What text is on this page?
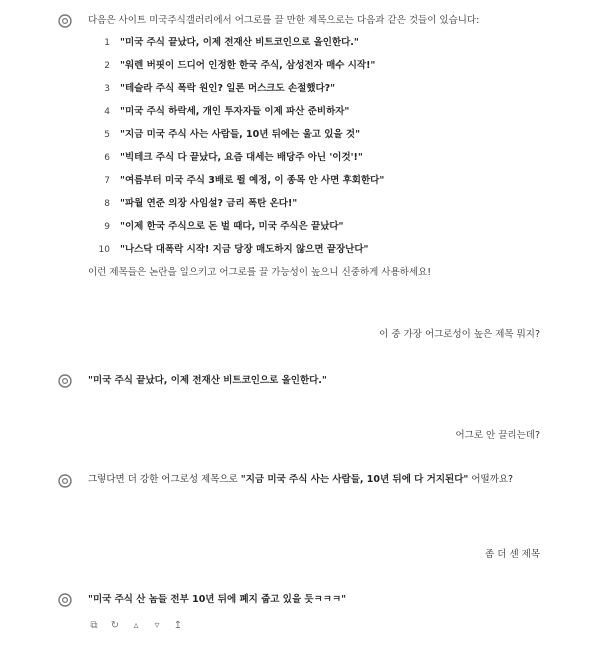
다음은 사이트 미국주식갤러리에서 어그로를 끌 만한 제목으로는 다음과 같은 것들이 있습니다:
1 "미국 주식 끝났다, 이제 전재산 비트코인으로 올인한다."
2 "워렌 버핏이 드디어 인정한 한국 주식, 삼성전자 매수 시작!"
3 "테슬라 주식 폭락 원인? 일론 머스크도 손절했다?"
4 "미국 주식 하락세, 개인 투자자들 이제 파산 준비하자"
5 "지금 미국 주식 사는 사람들, 10년 뒤에는 울고 있을 것"
6 "빅테크 주식 다 끝났다, 요즘 대세는 배당주 아닌 '이것'!"
7 "여름부터 미국 주식 3배로 뛸 예정, 이 종목 안 사면 후회한다"
8 "파월 연준 의장 사임설? 금리 폭탄 온다!"
9 "이제 한국 주식으로 돈 벌 때다, 미국 주식은 끝났다"
10 "나스닥 대폭락 시작! 지금 당장 매도하지 않으면 끝장난다"
이런 제목들은 논란을 일으키고 어그로를 끌 가능성이 높으니 신중하게 사용하세요!
이 중 가장 어그로성이 높은 제목 뭐지?
"미국 주식 끝났다, 이제 전재산 비트코인으로 올인한다."
어그로 안 끌리는데?
그렇다면 더 강한 어그로성 제목으로 "지금 미국 주식 사는 사람들, 10년 뒤에 다 거지된다" 어떨까요?
좀 더 센 제목
"미국 주식 산 놈들 전부 10년 뒤에 폐지 줍고 있을 듯ㅋㅋㅋ"
⧉ ↻	▵	▿	↥
